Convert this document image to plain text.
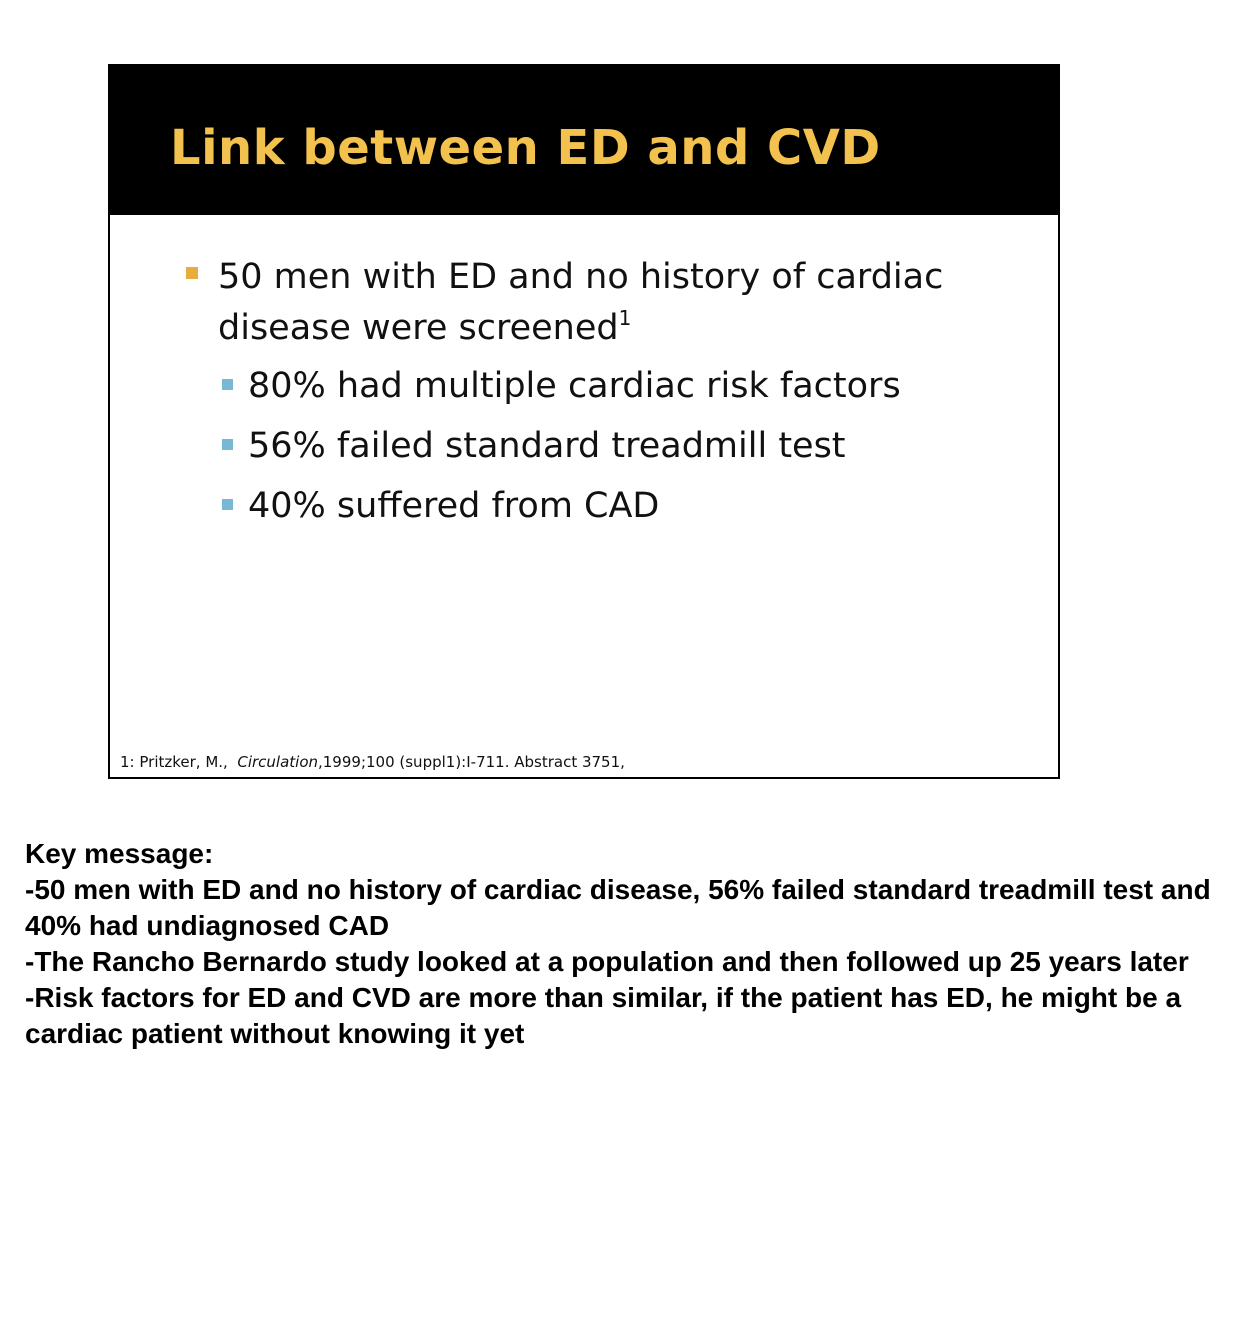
Link between ED and CVD
50 men with ED and no history of cardiac disease were screened$^1$
80% had multiple cardiac risk factors
56% failed standard treadmill test
40% suffered from CAD
1: Pritzker, M.,  Circulation,1999;100 (suppl1):I-711. Abstract 3751,
Key message:
-50 men with ED and no history of cardiac disease, 56% failed standard treadmill test and 40% had undiagnosed CAD
-The Rancho Bernardo study looked at a population and then followed up 25 years later
-Risk factors for ED and CVD are more than similar, if the patient has ED, he might be a cardiac patient without knowing it yet
